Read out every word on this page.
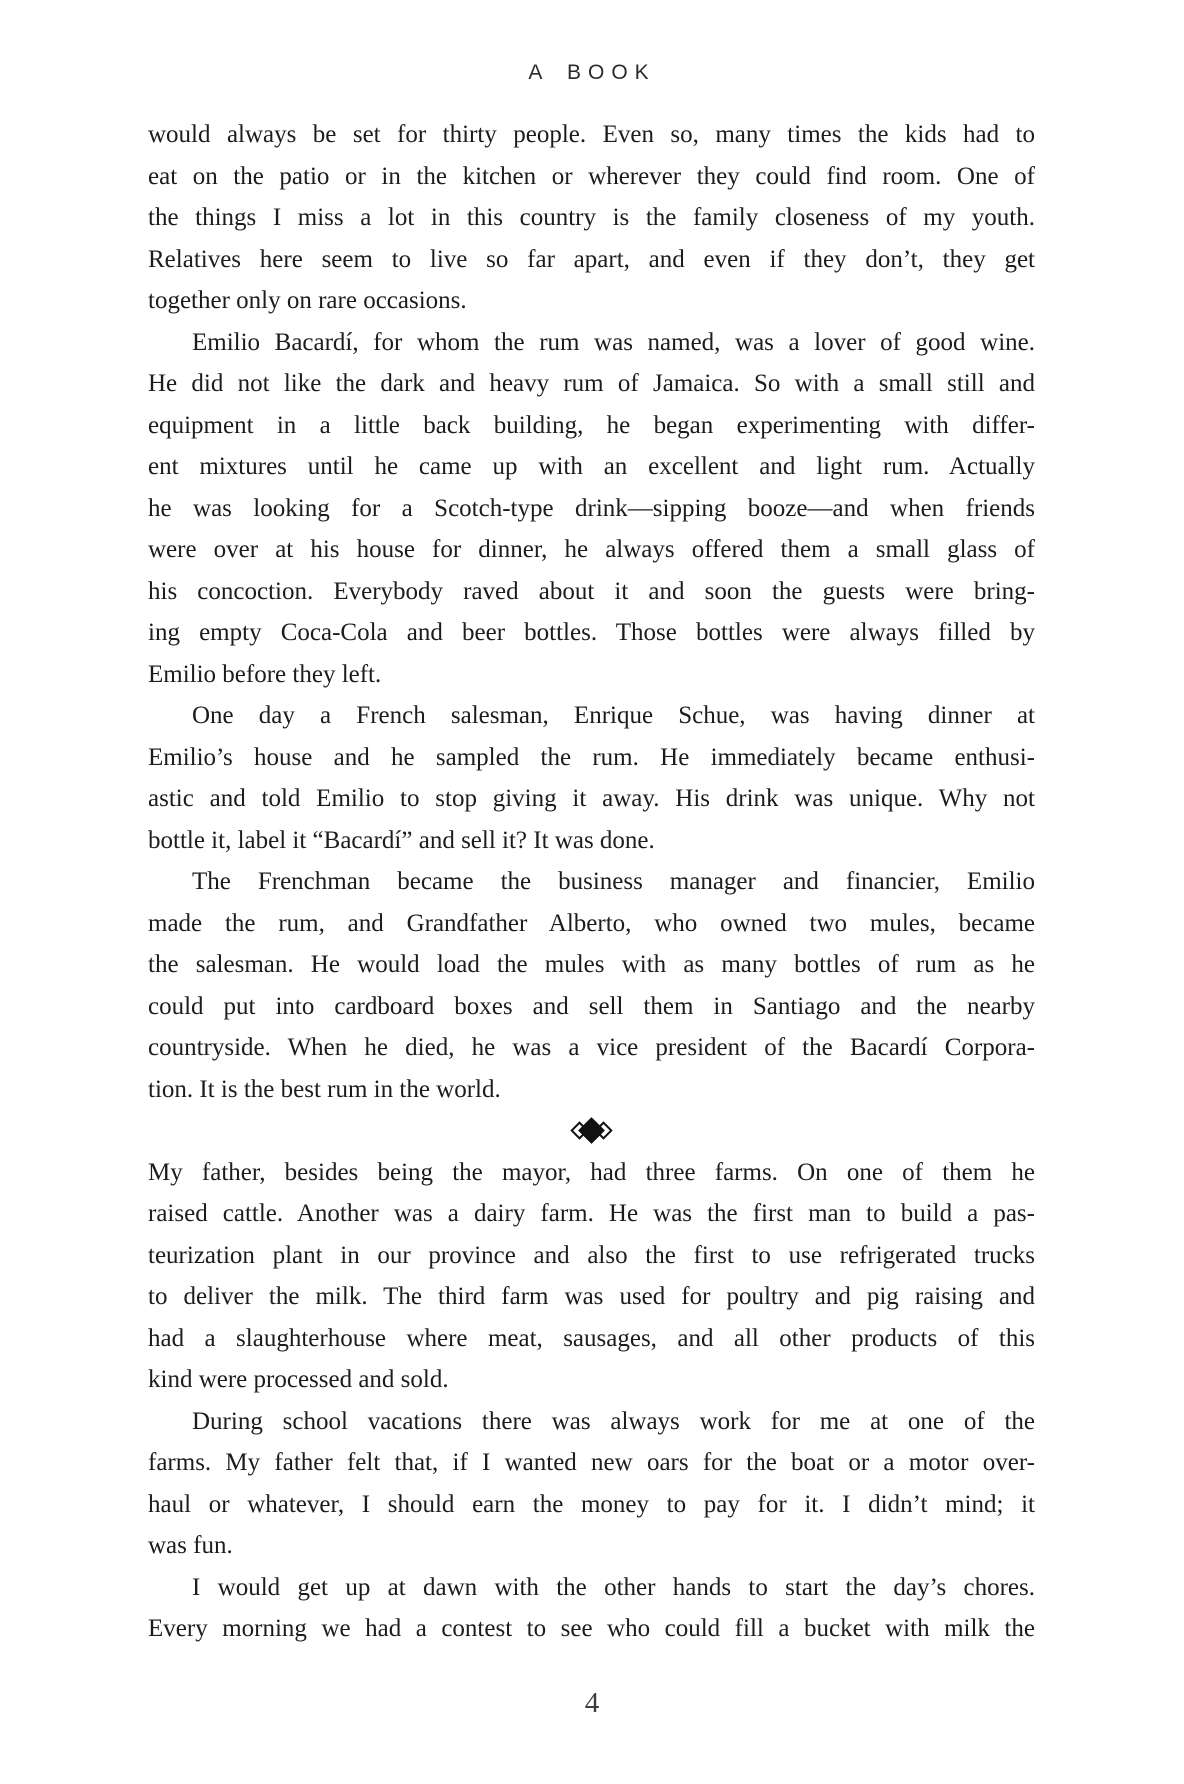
A BOOK
would always be set for thirty people. Even so, many times the kids had to
eat on the patio or in the kitchen or wherever they could find room. One of
the things I miss a lot in this country is the family closeness of my youth.
Relatives here seem to live so far apart, and even if they don’t, they get
together only on rare occasions.
Emilio Bacardí, for whom the rum was named, was a lover of good wine.
He did not like the dark and heavy rum of Jamaica. So with a small still and
equipment in a little back building, he began experimenting with differ-
ent mixtures until he came up with an excellent and light rum. Actually
he was looking for a Scotch-type drink—sipping booze—and when friends
were over at his house for dinner, he always offered them a small glass of
his concoction. Everybody raved about it and soon the guests were bring-
ing empty Coca-Cola and beer bottles. Those bottles were always filled by
Emilio before they left.
One day a French salesman, Enrique Schue, was having dinner at
Emilio’s house and he sampled the rum. He immediately became enthusi-
astic and told Emilio to stop giving it away. His drink was unique. Why not
bottle it, label it “Bacardí” and sell it? It was done.
The Frenchman became the business manager and financier, Emilio
made the rum, and Grandfather Alberto, who owned two mules, became
the salesman. He would load the mules with as many bottles of rum as he
could put into cardboard boxes and sell them in Santiago and the nearby
countryside. When he died, he was a vice president of the Bacardí Corpora-
tion. It is the best rum in the world.
My father, besides being the mayor, had three farms. On one of them he
raised cattle. Another was a dairy farm. He was the first man to build a pas-
teurization plant in our province and also the first to use refrigerated trucks
to deliver the milk. The third farm was used for poultry and pig raising and
had a slaughterhouse where meat, sausages, and all other products of this
kind were processed and sold.
During school vacations there was always work for me at one of the
farms. My father felt that, if I wanted new oars for the boat or a motor over-
haul or whatever, I should earn the money to pay for it. I didn’t mind; it
was fun.
I would get up at dawn with the other hands to start the day’s chores.
Every morning we had a contest to see who could fill a bucket with milk the
4
